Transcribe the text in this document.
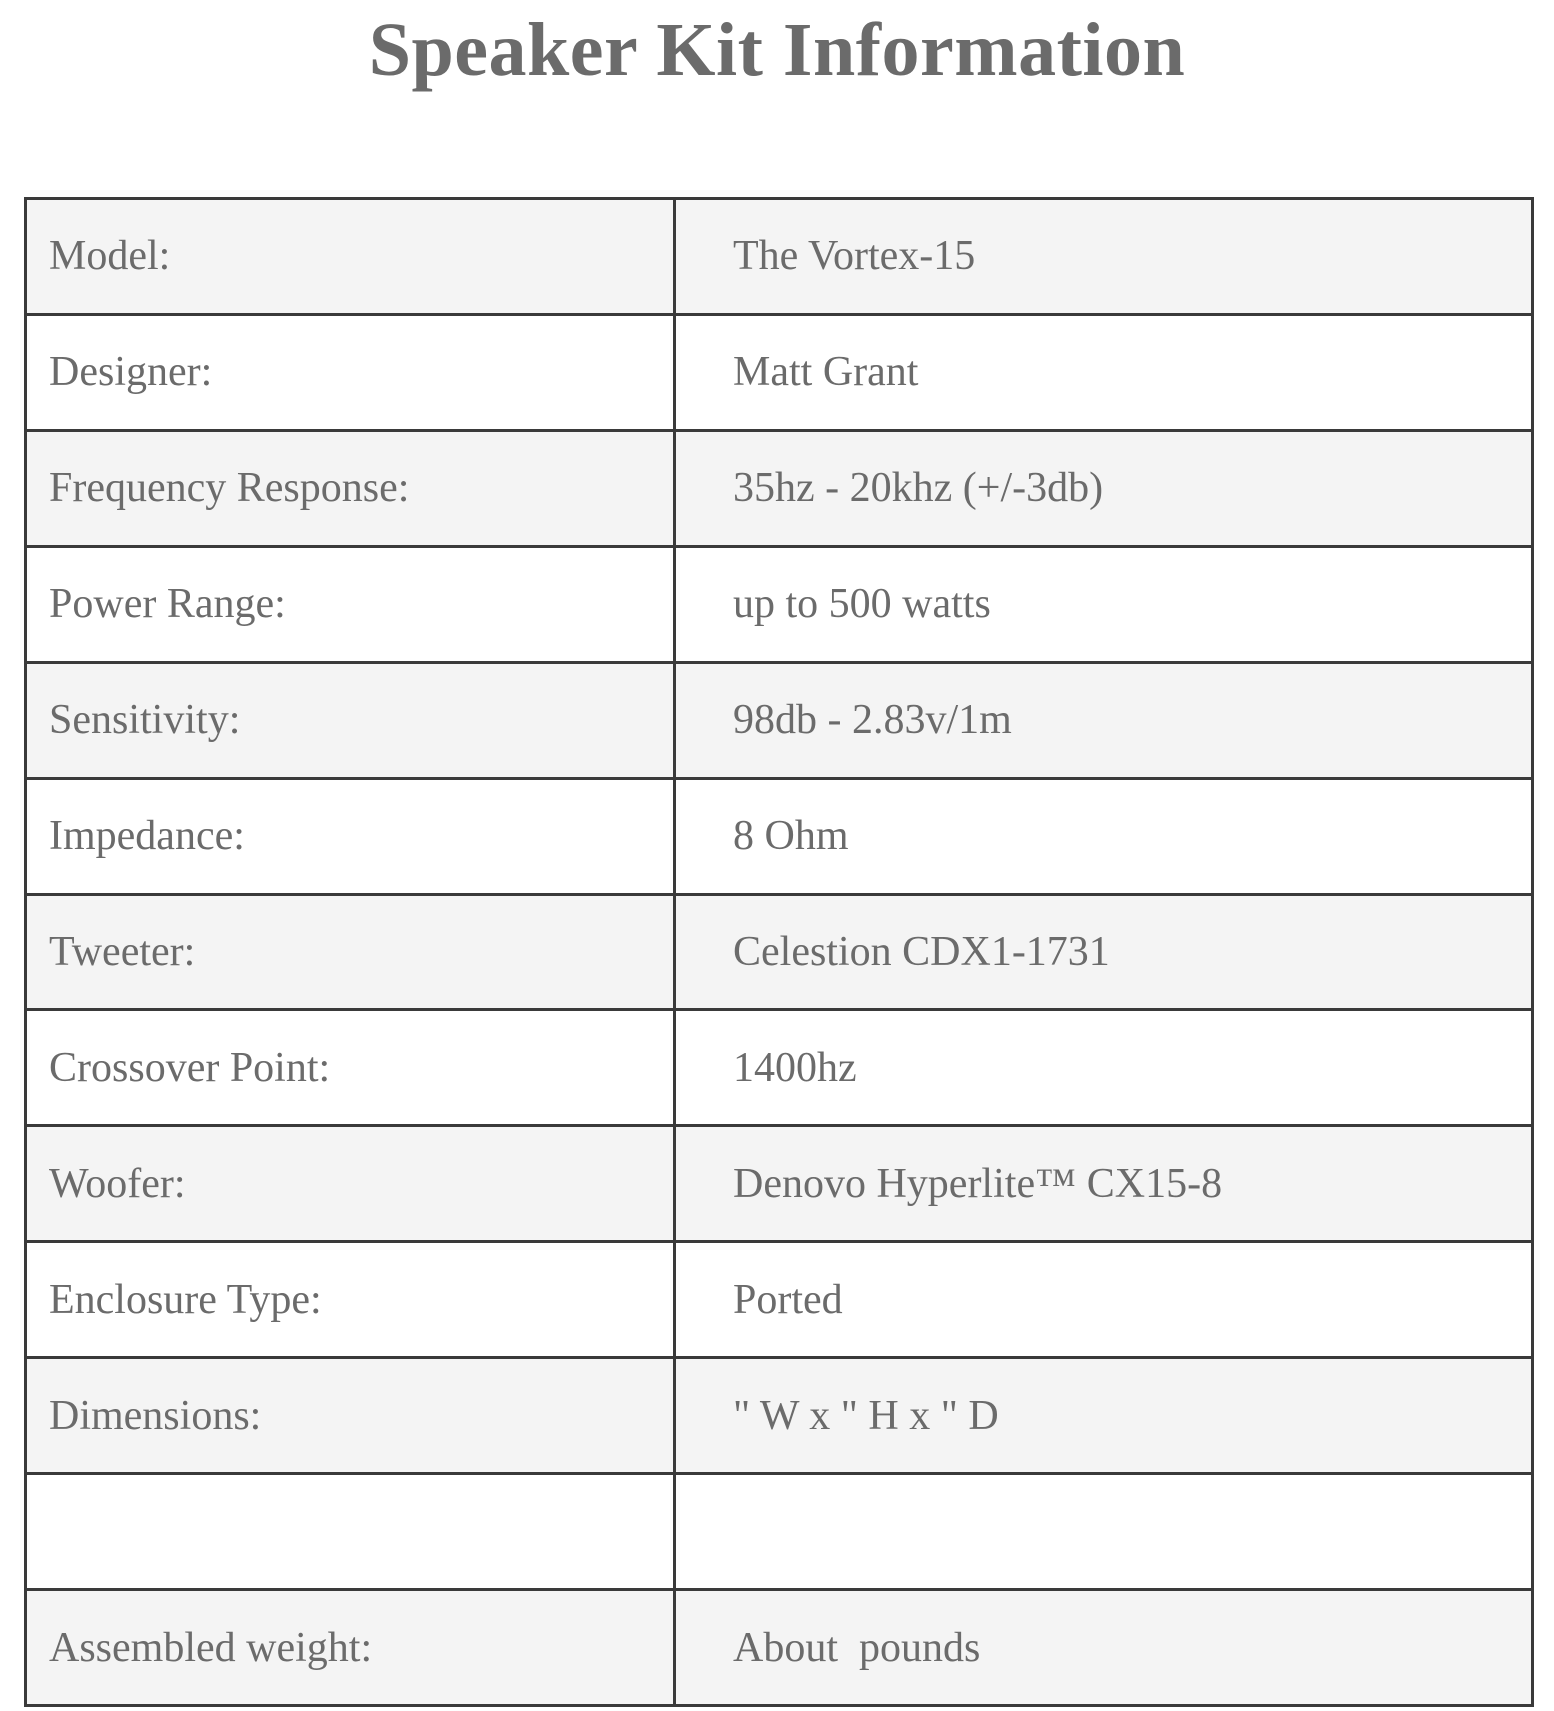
Speaker Kit Information
Model:	The Vortex-15
Designer:	Matt Grant
Frequency Response:	35hz - 20khz (+/-3db)
Power Range:	up to 500 watts
Sensitivity:	98db - 2.83v/1m
Impedance:	8 Ohm
Tweeter:	Celestion CDX1-1731
Crossover Point:	1400hz
Woofer:	Denovo Hyperlite™ CX15-8
Enclosure Type:	Ported
Dimensions:	" W x " H x " D

Assembled weight:	About  pounds
